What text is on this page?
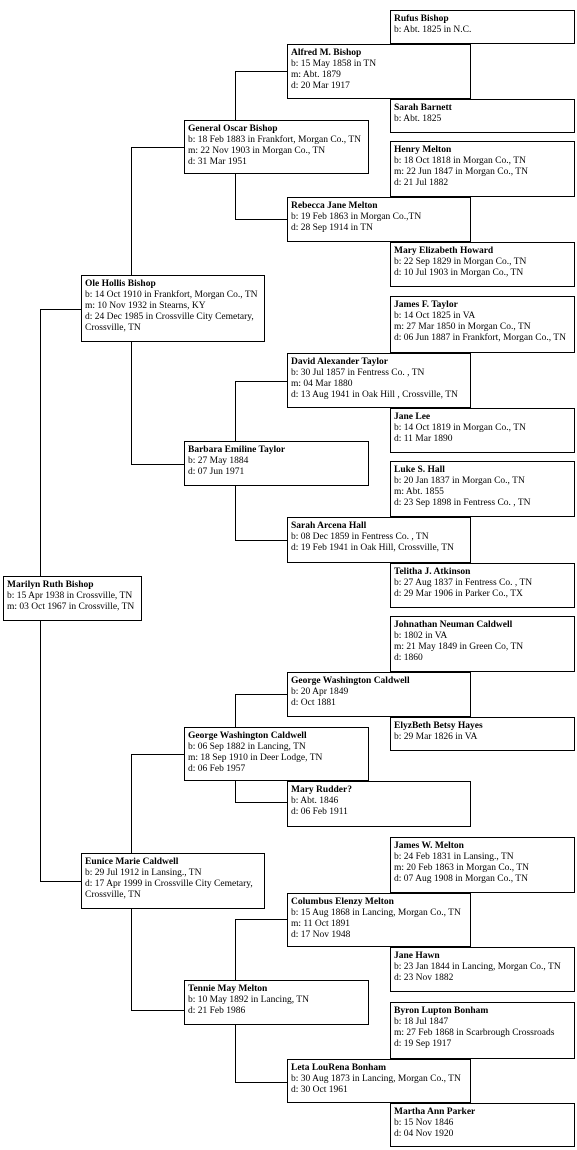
Marilyn Ruth Bishop
b: 15 Apr 1938 in Crossville, TN
m: 03 Oct 1967 in Crossville, TN
Ole Hollis Bishop
b: 14 Oct 1910 in Frankfort, Morgan Co., TN
m: 10 Nov 1932 in Stearns, KY
d: 24 Dec 1985 in Crossville City Cemetary,
Crossville, TN
Eunice Marie Caldwell
b: 29 Jul 1912 in Lansing., TN
d: 17 Apr 1999 in Crossville City Cemetary,
Crossville, TN
General Oscar Bishop
b: 18 Feb 1883 in Frankfort, Morgan Co., TN
m: 22 Nov 1903 in Morgan Co., TN
d: 31 Mar 1951
Barbara Emiline Taylor
b: 27 May 1884
d: 07 Jun 1971
George Washington Caldwell
b: 06 Sep 1882 in Lancing, TN
m: 18 Sep 1910 in Deer Lodge, TN
d: 06 Feb 1957
Tennie May Melton
b: 10 May 1892 in Lancing, TN
d: 21 Feb 1986
Alfred M. Bishop
b: 15 May 1858 in TN
m: Abt. 1879
d: 20 Mar 1917
Rebecca Jane Melton
b: 19 Feb 1863 in Morgan Co.,TN
d: 28 Sep 1914 in TN
David Alexander Taylor
b: 30 Jul 1857 in Fentress Co. , TN
m: 04 Mar 1880
d: 13 Aug 1941 in Oak Hill , Crossville, TN
Sarah Arcena Hall
b: 08 Dec 1859 in Fentress Co. , TN
d: 19 Feb 1941 in Oak Hill, Crossville, TN
George Washington Caldwell
b: 20 Apr 1849
d: Oct 1881
Mary Rudder?
b: Abt. 1846
d: 06 Feb 1911
Columbus Elenzy Melton
b: 15 Aug 1868 in Lancing, Morgan Co., TN
m: 11 Oct 1891
d: 17 Nov 1948
Leta LouRena Bonham
b: 30 Aug 1873 in Lancing, Morgan Co., TN
d: 30 Oct 1961
Rufus Bishop
b: Abt. 1825 in N.C.
Sarah Barnett
b: Abt. 1825
Henry Melton
b: 18 Oct 1818 in Morgan Co., TN
m: 22 Jun 1847 in Morgan Co., TN
d: 21 Jul 1882
Mary Elizabeth Howard
b: 22 Sep 1829 in Morgan Co., TN
d: 10 Jul 1903 in Morgan Co., TN
James F. Taylor
b: 14 Oct 1825 in VA
m: 27 Mar 1850 in Morgan Co., TN
d: 06 Jun 1887 in Frankfort, Morgan Co., TN
Jane Lee
b: 14 Oct 1819 in Morgan Co., TN
d: 11 Mar 1890
Luke S. Hall
b: 20 Jan 1837 in Morgan Co., TN
m: Abt. 1855
d: 23 Sep 1898 in Fentress Co. , TN
Telitha J. Atkinson
b: 27 Aug 1837 in Fentress Co. , TN
d: 29 Mar 1906 in Parker Co., TX
Johnathan Neuman Caldwell
b: 1802 in VA
m: 21 May 1849 in Green Co, TN
d: 1860
ElyzBeth Betsy Hayes
b: 29 Mar 1826 in VA
James W. Melton
b: 24 Feb 1831 in Lansing., TN
m: 20 Feb 1863 in Morgan Co., TN
d: 07 Aug 1908 in Morgan Co., TN
Jane Hawn
b: 23 Jan 1844 in Lancing, Morgan Co., TN
d: 23 Nov 1882
Byron Lupton Bonham
b: 18 Jul 1847
m: 27 Feb 1868 in Scarbrough Crossroads
d: 19 Sep 1917
Martha Ann Parker
b: 15 Nov 1846
d: 04 Nov 1920
